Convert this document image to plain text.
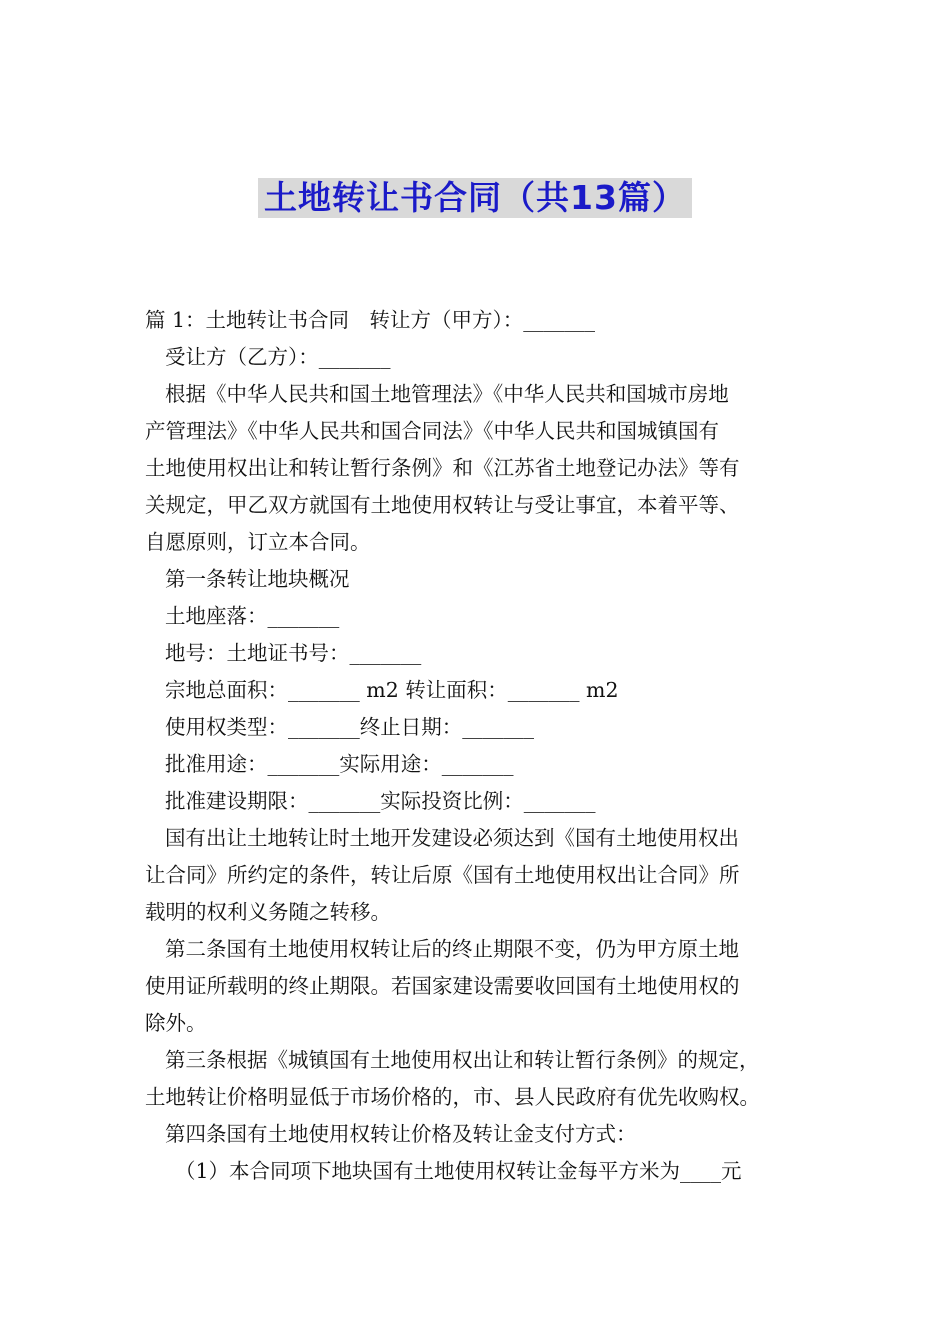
土地转让书合同（共13篇）
篇 1：土地转让书合同　转让方（甲方）：_______
受让方（乙方）：_______
根据《中华人民共和国土地管理法》《中华人民共和国城市房地
产管理法》《中华人民共和国合同法》《中华人民共和国城镇国有
土地使用权出让和转让暂行条例》和《江苏省土地登记办法》等有
关规定，甲乙双方就国有土地使用权转让与受让事宜，本着平等、
自愿原则，订立本合同。
第一条转让地块概况
土地座落：_______
地号：土地证书号：_______
宗地总面积：_______ m2 转让面积：_______ m2
使用权类型：_______终止日期：_______
批准用途：_______实际用途：_______
批准建设期限：_______实际投资比例：_______
国有出让土地转让时土地开发建设必须达到《国有土地使用权出
让合同》所约定的条件，转让后原《国有土地使用权出让合同》所
载明的权利义务随之转移。
第二条国有土地使用权转让后的终止期限不变，仍为甲方原土地
使用证所载明的终止期限。若国家建设需要收回国有土地使用权的
除外。
第三条根据《城镇国有土地使用权出让和转让暂行条例》的规定，
土地转让价格明显低于市场价格的，市、县人民政府有优先收购权。
第四条国有土地使用权转让价格及转让金支付方式：
（1）本合同项下地块国有土地使用权转让金每平方米为____元
